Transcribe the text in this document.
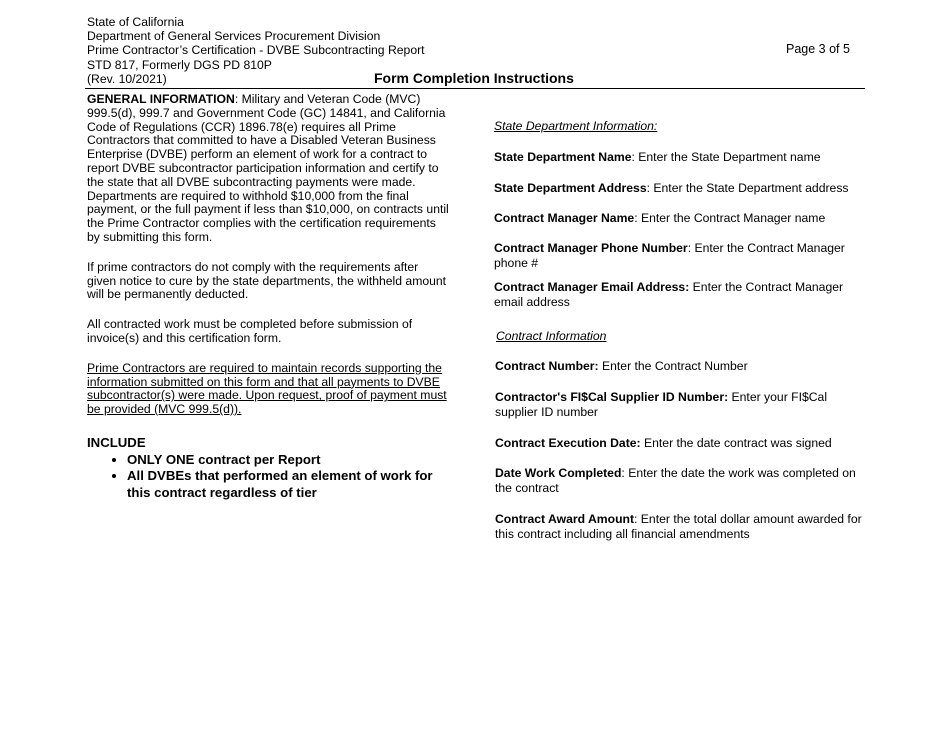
State of California
Department of General Services Procurement Division
Prime Contractor’s Certification - DVBE Subcontracting Report
STD 817, Formerly DGS PD 810P
(Rev. 10/2021)
Page 3 of 5
Form Completion Instructions

GENERAL INFORMATION: Military and Veteran Code (MVC) 999.5(d), 999.7 and Government Code (GC) 14841, and California Code of Regulations (CCR) 1896.78(e) requires all Prime Contractors that committed to have a Disabled Veteran Business Enterprise (DVBE) perform an element of work for a contract to report DVBE subcontractor participation information and certify to the state that all DVBE subcontracting payments were made. Departments are required to withhold $10,000 from the final payment, or the full payment if less than $10,000, on contracts until the Prime Contractor complies with the certification requirements by submitting this form.

If prime contractors do not comply with the requirements after given notice to cure by the state departments, the withheld amount will be permanently deducted.

All contracted work must be completed before submission of invoice(s) and this certification form.

Prime Contractors are required to maintain records supporting the information submitted on this form and that all payments to DVBE subcontractor(s) were made. Upon request, proof of payment must be provided (MVC 999.5(d)).

INCLUDE
• ONLY ONE contract per Report
• All DVBEs that performed an element of work for this contract regardless of tier
State Department Information:
State Department Name: Enter the State Department name
State Department Address: Enter the State Department address
Contract Manager Name: Enter the Contract Manager name
Contract Manager Phone Number: Enter the Contract Manager phone #
Contract Manager Email Address: Enter the Contract Manager email address
Contract Information
Contract Number: Enter the Contract Number
Contractor's FI$Cal Supplier ID Number: Enter your FI$Cal supplier ID number
Contract Execution Date: Enter the date contract was signed
Date Work Completed: Enter the date the work was completed on the contract
Contract Award Amount: Enter the total dollar amount awarded for this contract including all financial amendments
